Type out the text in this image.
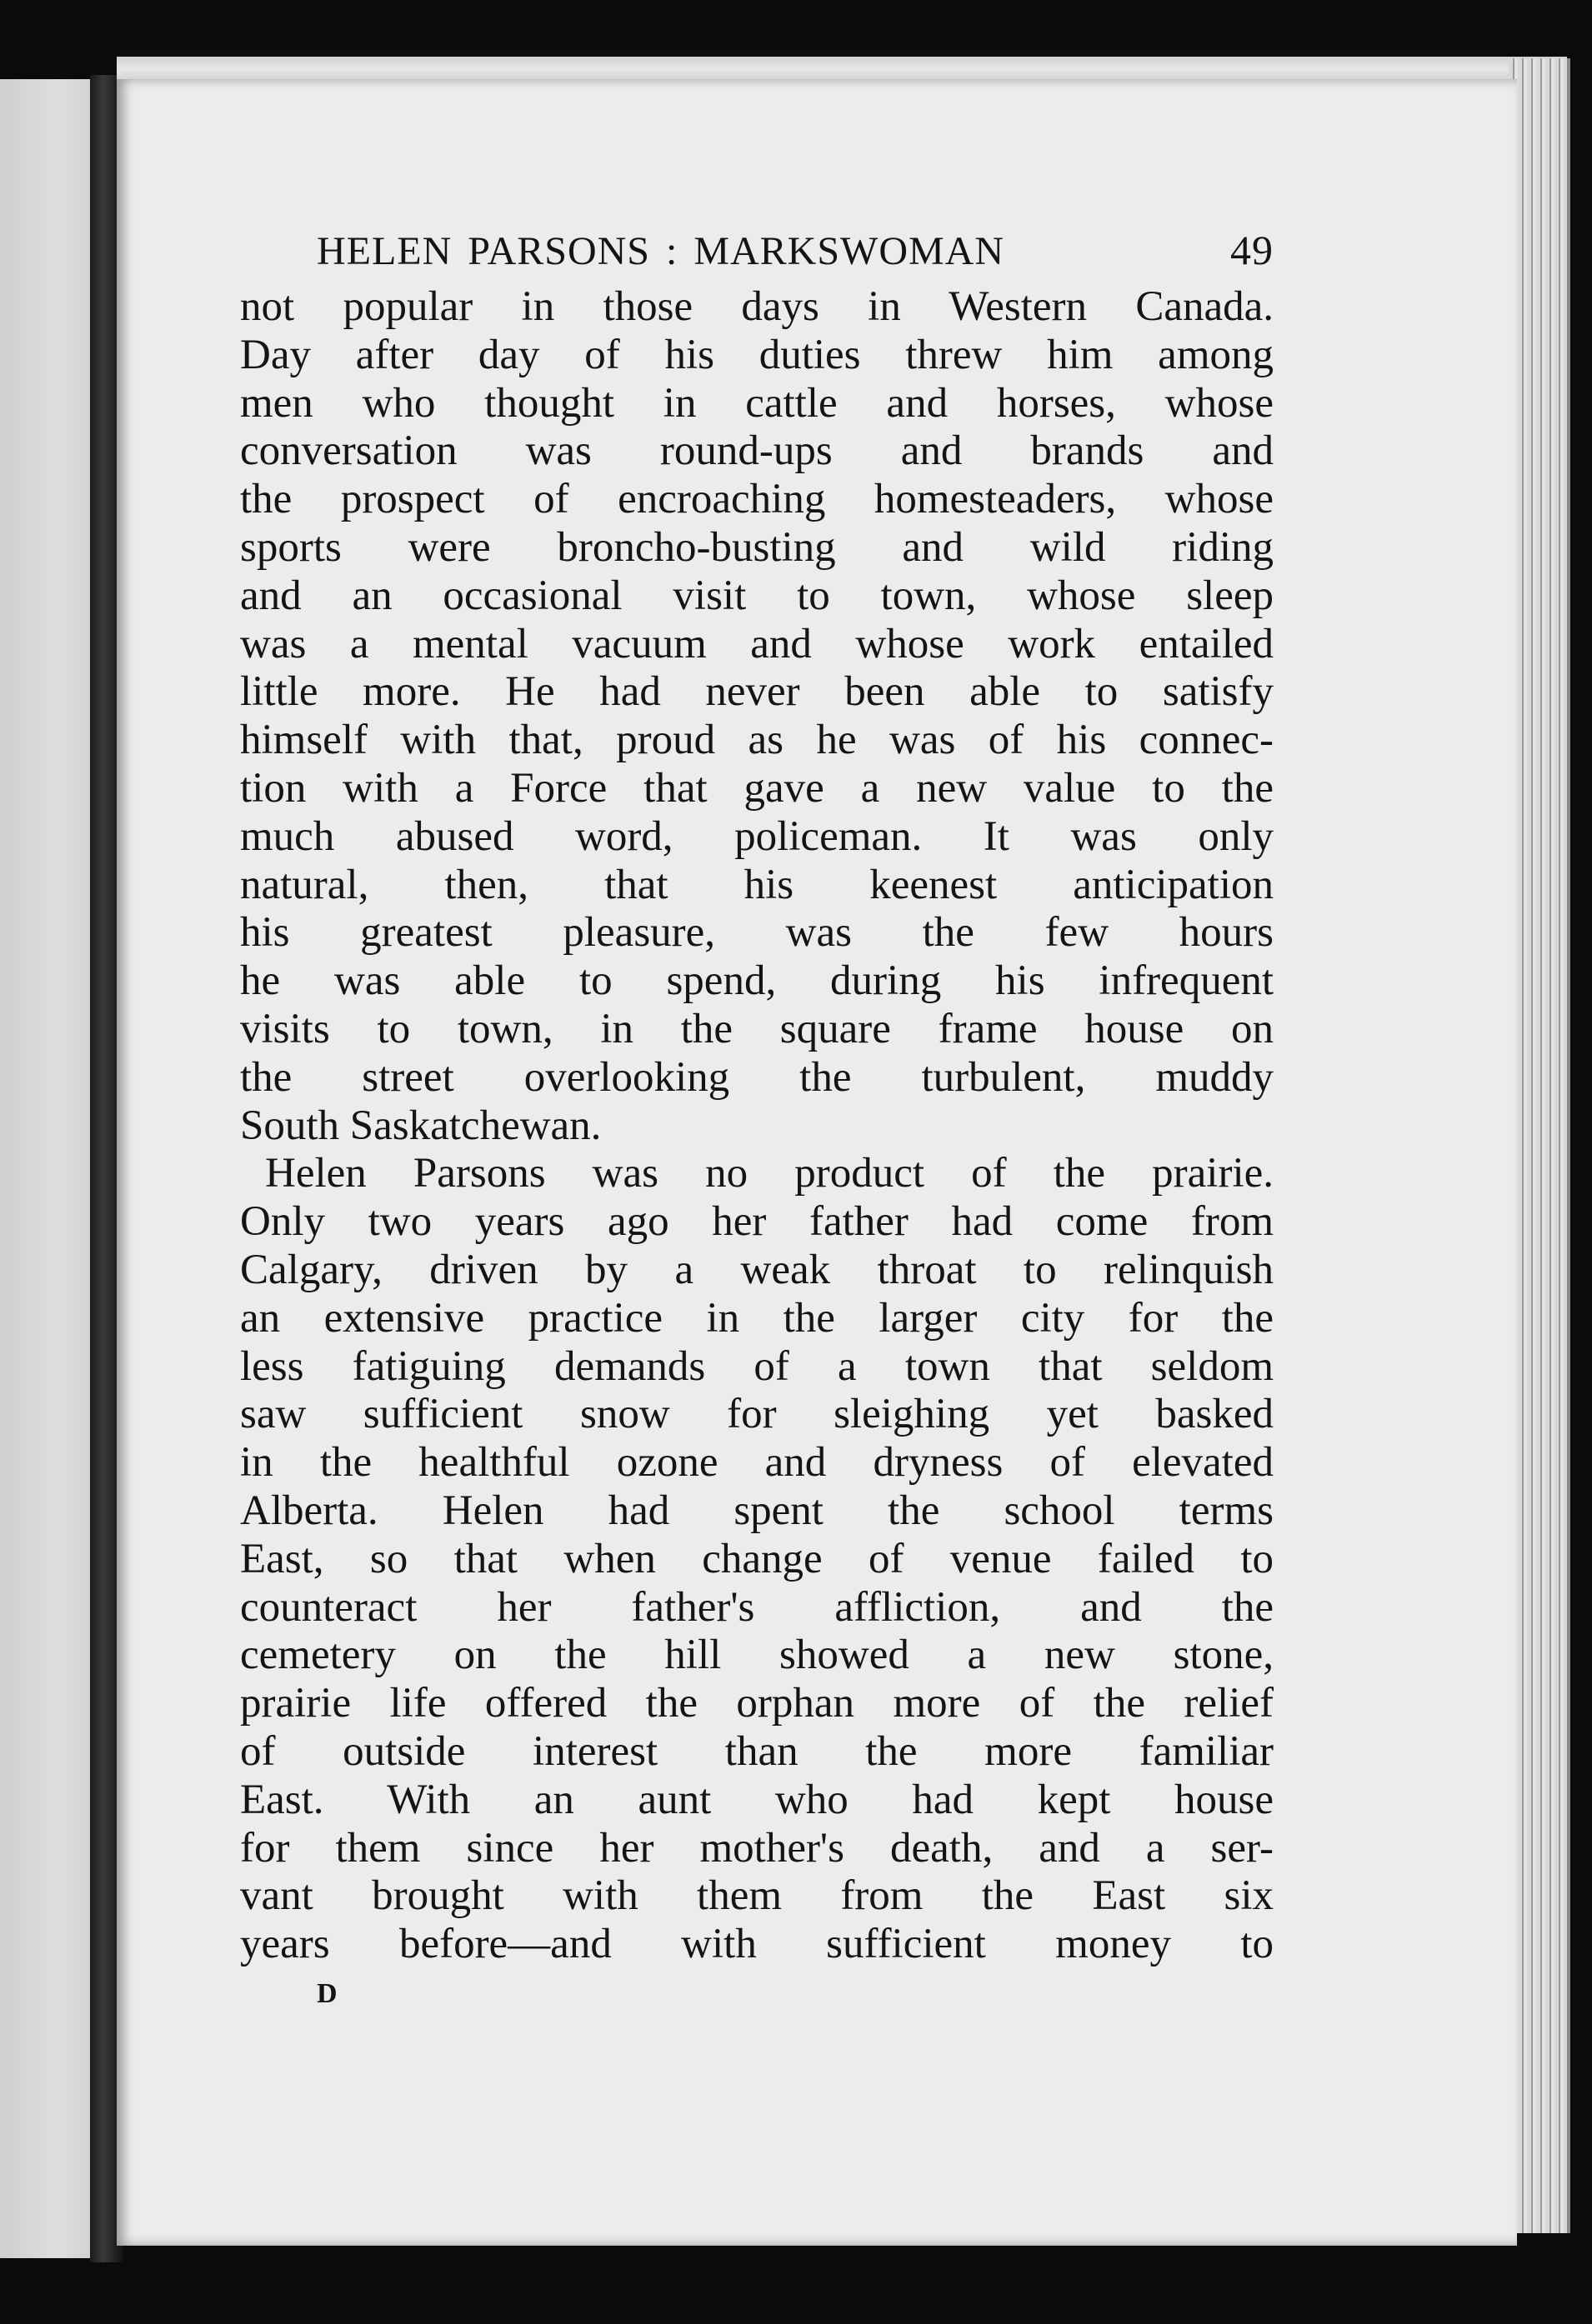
HELEN PARSONS : MARKSWOMAN	49
not popular in those days in Western Canada.
Day after day of his duties threw him among
men who thought in cattle and horses, whose
conversation was round-ups and brands and
the prospect of encroaching homesteaders, whose
sports were broncho-busting and wild riding
and an occasional visit to town, whose sleep
was a mental vacuum and whose work entailed
little more. He had never been able to satisfy
himself with that, proud as he was of his connec-
tion with a Force that gave a new value to the
much abused word, policeman. It was only
natural, then, that his keenest anticipation
his greatest pleasure, was the few hours
he was able to spend, during his infrequent
visits to town, in the square frame house on
the street overlooking the turbulent, muddy
South Saskatchewan.
Helen Parsons was no product of the prairie.
Only two years ago her father had come from
Calgary, driven by a weak throat to relinquish
an extensive practice in the larger city for the
less fatiguing demands of a town that seldom
saw sufficient snow for sleighing yet basked
in the healthful ozone and dryness of elevated
Alberta. Helen had spent the school terms
East, so that when change of venue failed to
counteract her father's affliction, and the
cemetery on the hill showed a new stone,
prairie life offered the orphan more of the relief
of outside interest than the more familiar
East. With an aunt who had kept house
for them since her mother's death, and a ser-
vant brought with them from the East six
years before—and with sufficient money to
D
